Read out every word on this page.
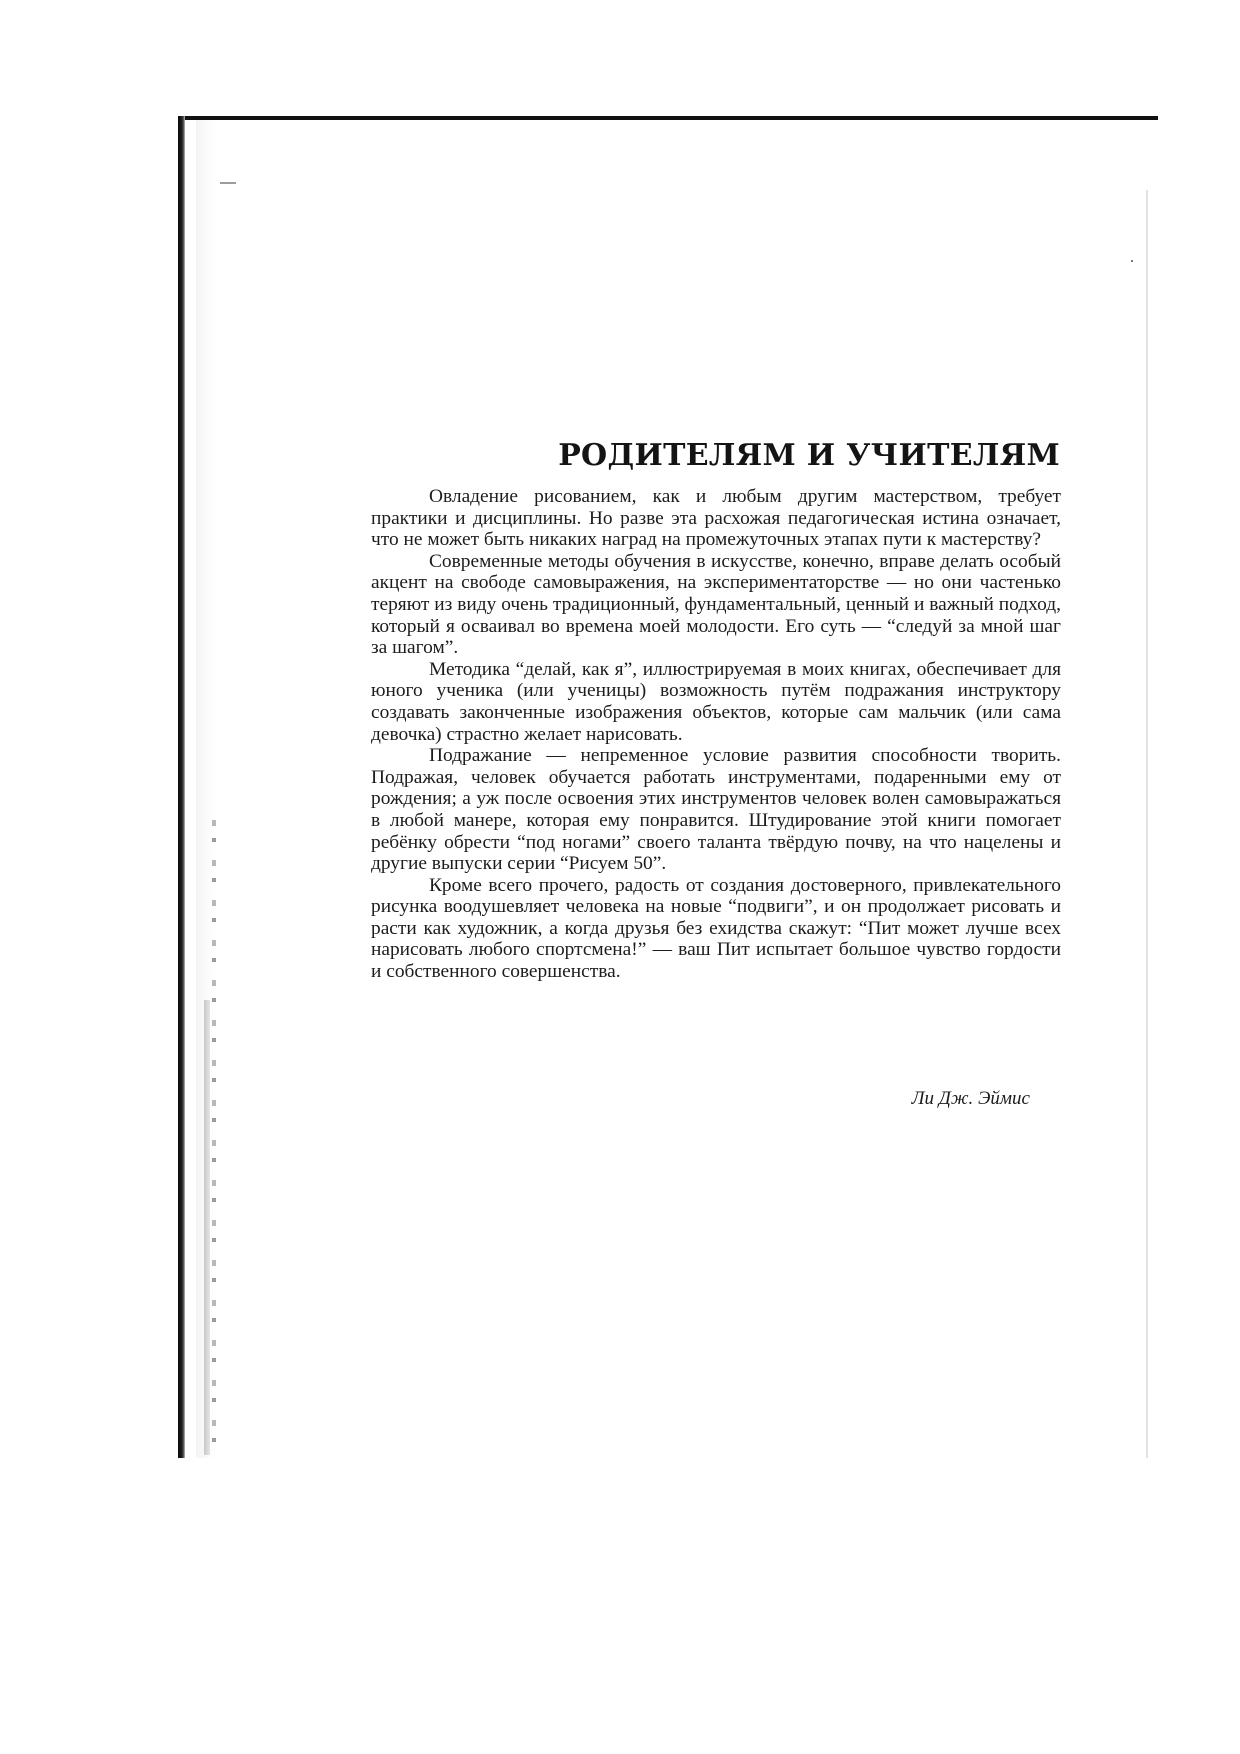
РОДИТЕЛЯМ И УЧИТЕЛЯМ

Овладение рисованием, как и любым другим мастерством, требует практики и дисциплины. Но разве эта расхожая педагогическая истина означает, что не может быть никаких наград на промежуточных этапах пути к мастерству?

Современные методы обучения в искусстве, конечно, вправе делать особый акцент на свободе самовыражения, на экспериментаторстве — но они частенько теряют из виду очень традиционный, фундаментальный, ценный и важный подход, который я осваивал во времена моей молодости. Его суть — “следуй за мной шаг за шагом”.

Методика “делай, как я”, иллюстрируемая в моих книгах, обеспечивает для юного ученика (или ученицы) возможность путём подражания инструктору создавать законченные изображения объектов, которые сам мальчик (или сама девочка) страстно желает нарисовать.

Подражание — непременное условие развития способности творить. Подражая, человек обучается работать инструментами, подаренными ему от рождения; а уж после освоения этих инструментов человек волен самовыражаться в любой манере, которая ему понравится. Штудирование этой книги помогает ребёнку обрести “под ногами” своего таланта твёрдую почву, на что нацелены и другие выпуски серии “Рисуем 50”.

Кроме всего прочего, радость от создания достоверного, привлекательного рисунка воодушевляет человека на новые “подвиги”, и он продолжает рисовать и расти как художник, а когда друзья без ехидства скажут: “Пит может лучше всех нарисовать любого спортсмена!” — ваш Пит испытает большое чувство гордости и собственного совершенства.

Ли Дж. Эймис
